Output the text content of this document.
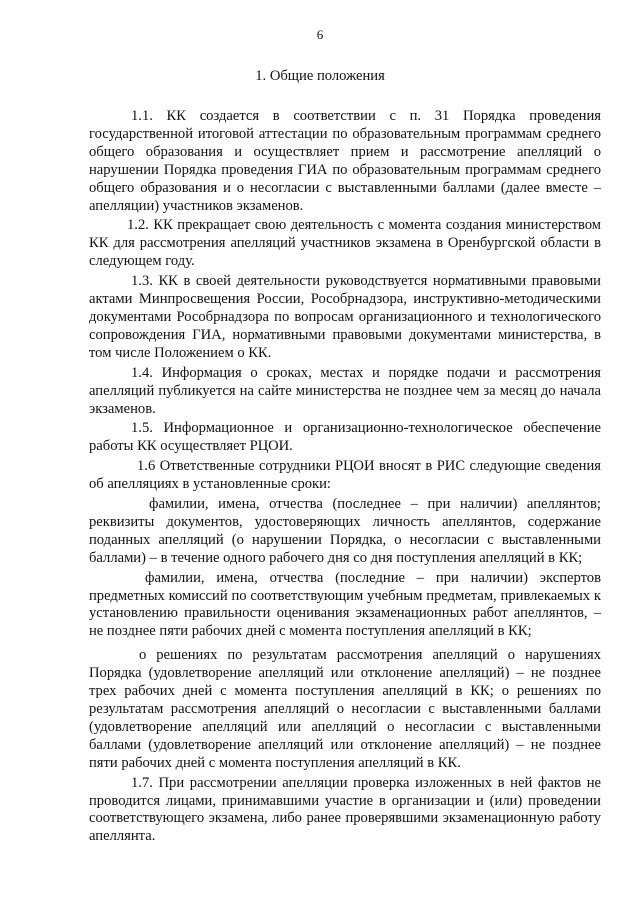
6
1. Общие положения

1.1. КК создается в соответствии с п. 31 Порядка проведения государственной итоговой аттестации по образовательным программам среднего общего образования и осуществляет прием и рассмотрение апелляций о нарушении Порядка проведения ГИА по образовательным программам среднего общего образования и о несогласии с выставленными баллами (далее вместе – апелляции) участников экзаменов.

1.2. КК прекращает свою деятельность с момента создания министерством КК для рассмотрения апелляций участников экзамена в Оренбургской области в следующем году.

1.3. КК в своей деятельности руководствуется нормативными правовыми актами Минпросвещения России, Рособрнадзора, инструктивно-методическими документами Рособрнадзора по вопросам организационного и технологического сопровождения ГИА, нормативными правовыми документами министерства, в том числе Положением о КК.

1.4. Информация о сроках, местах и порядке подачи и рассмотрения апелляций публикуется на сайте министерства не позднее чем за месяц до начала экзаменов.

1.5. Информационное и организационно-технологическое обеспечение работы КК осуществляет РЦОИ.

1.6 Ответственные сотрудники РЦОИ вносят в РИС следующие сведения об апелляциях в установленные сроки:

фамилии, имена, отчества (последнее – при наличии) апеллянтов; реквизиты документов, удостоверяющих личность апеллянтов, содержание поданных апелляций (о нарушении Порядка, о несогласии с выставленными баллами) – в течение одного рабочего дня со дня поступления апелляций в КК;

фамилии, имена, отчества (последние – при наличии) экспертов предметных комиссий по соответствующим учебным предметам, привлекаемых к установлению правильности оценивания экзаменационных работ апеллянтов, – не позднее пяти рабочих дней с момента поступления апелляций в КК;

о решениях по результатам рассмотрения апелляций о нарушениях Порядка (удовлетворение апелляций или отклонение апелляций) – не позднее трех рабочих дней с момента поступления апелляций в КК; о решениях по результатам рассмотрения апелляций о несогласии с выставленными баллами (удовлетворение апелляций или апелляций о несогласии с выставленными баллами (удовлетворение апелляций или отклонение апелляций) – не позднее пяти рабочих дней с момента поступления апелляций в КК.

1.7. При рассмотрении апелляции проверка изложенных в ней фактов не проводится лицами, принимавшими участие в организации и (или) проведении соответствующего экзамена, либо ранее проверявшими экзаменационную работу апеллянта.
